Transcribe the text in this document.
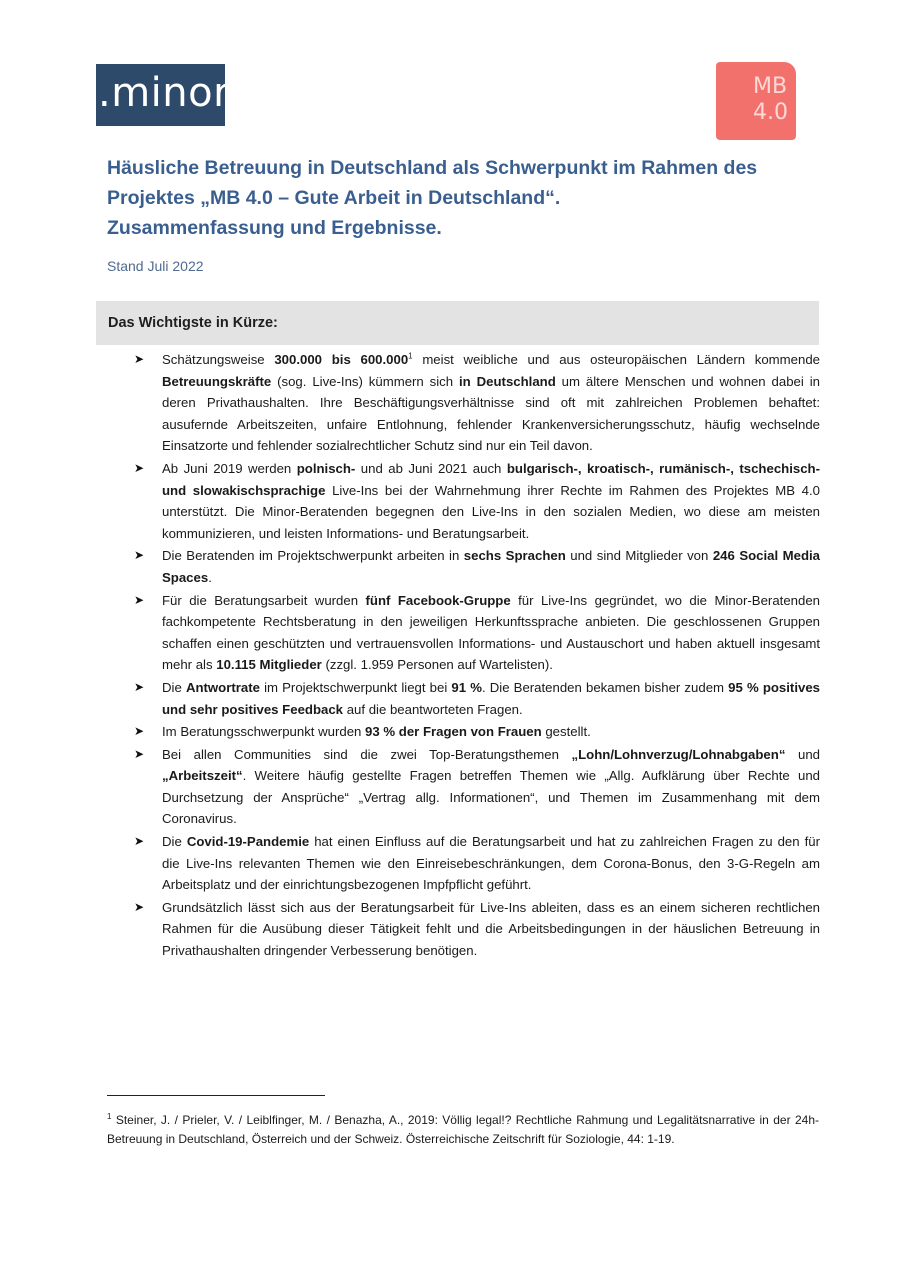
.minor	MB
4.0
Häusliche Betreuung in Deutschland als Schwerpunkt im Rahmen des
Projektes „MB 4.0 – Gute Arbeit in Deutschland“.
Zusammenfassung und Ergebnisse.
Stand Juli 2022
Das Wichtigste in Kürze:
➤ Schätzungsweise 300.000 bis 600.000$^1$ meist weibliche und aus osteuropäischen Ländern kommende Betreuungskräfte (sog. Live-Ins) kümmern sich in Deutschland um ältere Menschen und wohnen dabei in deren Privathaushalten. Ihre Beschäftigungsverhältnisse sind oft mit zahlreichen Problemen behaftet: ausufernde Arbeitszeiten, unfaire Entlohnung, fehlender Krankenversicherungsschutz, häufig wechselnde Einsatzorte und fehlender sozialrechtlicher Schutz sind nur ein Teil davon.
➤ Ab Juni 2019 werden polnisch- und ab Juni 2021 auch bulgarisch-, kroatisch-, rumänisch-, tschechisch- und slowakischsprachige Live-Ins bei der Wahrnehmung ihrer Rechte im Rahmen des Projektes MB 4.0 unterstützt. Die Minor-Beratenden begegnen den Live-Ins in den sozialen Medien, wo diese am meisten kommunizieren, und leisten Informations- und Beratungsarbeit.
➤ Die Beratenden im Projektschwerpunkt arbeiten in sechs Sprachen und sind Mitglieder von 246 Social Media Spaces.
➤ Für die Beratungsarbeit wurden fünf Facebook-Gruppe für Live-Ins gegründet, wo die Minor-Beratenden fachkompetente Rechtsberatung in den jeweiligen Herkunftssprache anbieten. Die geschlossenen Gruppen schaffen einen geschützten und vertrauensvollen Informations- und Austauschort und haben aktuell insgesamt mehr als 10.115 Mitglieder (zzgl. 1.959 Personen auf Wartelisten).
➤ Die Antwortrate im Projektschwerpunkt liegt bei 91 %. Die Beratenden bekamen bisher zudem 95 % positives und sehr positives Feedback auf die beantworteten Fragen.
➤ Im Beratungsschwerpunkt wurden 93 % der Fragen von Frauen gestellt.
➤ Bei allen Communities sind die zwei Top-Beratungsthemen „Lohn/Lohnverzug/Lohnabgaben“ und „Arbeitszeit“. Weitere häufig gestellte Fragen betreffen Themen wie „Allg. Aufklärung über Rechte und Durchsetzung der Ansprüche“ „Vertrag allg. Informationen“, und Themen im Zusammenhang mit dem Coronavirus.
➤ Die Covid-19-Pandemie hat einen Einfluss auf die Beratungsarbeit und hat zu zahlreichen Fragen zu den für die Live-Ins relevanten Themen wie den Einreisebeschränkungen, dem Corona-Bonus, den 3-G-Regeln am Arbeitsplatz und der einrichtungsbezogenen Impfpflicht geführt.
➤ Grundsätzlich lässt sich aus der Beratungsarbeit für Live-Ins ableiten, dass es an einem sicheren rechtlichen Rahmen für die Ausübung dieser Tätigkeit fehlt und die Arbeitsbedingungen in der häuslichen Betreuung in Privathaushalten dringender Verbesserung benötigen.
$^1$ Steiner, J. / Prieler, V. / Leiblfinger, M. / Benazha, A., 2019: Völlig legal!? Rechtliche Rahmung und Legalitätsnarrative in der 24h-Betreuung in Deutschland, Österreich und der Schweiz. Österreichische Zeitschrift für Soziologie, 44: 1-19.
